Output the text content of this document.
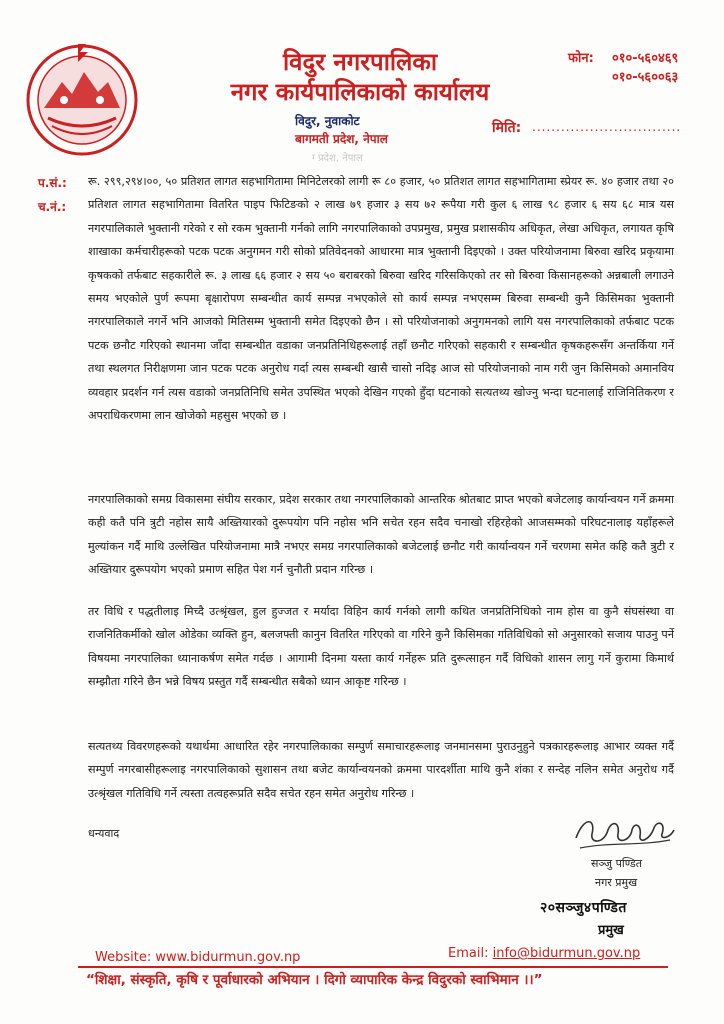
विदुर नगरपालिका
नगर कार्यपालिकाको कार्यालय
विदुर, नुवाकोट
बागमती प्रदेश, नेपाल
ग्‍ प्रदेश, नेपाल
फोन: ०१०-५६०४६९
०१०-५६००६३
मिति: ...............................
प.सं.:
च.नं.:

रू. २९९,२९४।००, ५० प्रतिशत लागत सहभागितामा मिनिटेलरको लागी रू ८० हजार, ५० प्रतिशत लागत सहभागितामा स्प्रेयर रू. ४० हजार तथा २० प्रतिशत लागत सहभागितामा वितरित पाइप फिटिङको २ लाख ७९ हजार ३ सय ७२ रूपैया गरी कुल ६ लाख ९८ हजार ६ सय ६८ मात्र यस नगरपालिकाले भुक्तानी गरेको र सो रकम भुक्तानी गर्नको लागि नगरपालिकाको उपप्रमुख, प्रमुख प्रशासकीय अधिकृत, लेखा अधिकृत, लगायत कृषि शाखाका कर्मचारीहरूको पटक पटक अनुगमन गरी सोको प्रतिवेदनको आधारमा मात्र भुक्तानी दिइएको । उक्त परियोजनामा बिरुवा खरिद प्रकृयामा कृषकको तर्फबाट सहकारीले रू. ३ लाख ६६ हजार २ सय ५० बराबरको बिरुवा खरिद गरिसकिएको तर सो बिरुवा किसानहरूको अन्नबाली लगाउने समय भएकोले पुर्ण रूपमा बृक्षारोपण सम्बन्धीत कार्य सम्पन्न नभएकोले सो कार्य सम्पन्न नभएसम्म बिरुवा सम्बन्धी कुनै किसिमका भुक्तानी नगरपालिकाले नगर्ने भनि आजको मितिसम्म भुक्तानी समेत दिइएको छैन । सो परियोजनाको अनुगमनको लागि यस नगरपालिकाको तर्फबाट पटक पटक छनौट गरिएको स्थानमा जाँदा सम्बन्धीत वडाका जनप्रतिनिधिहरूलाई तहाँ छनौट गरिएको सहकारी र सम्बन्धीत कृषकहरूसँग अन्तर्किया गर्ने तथा स्थलगत निरीक्षणमा जान पटक पटक अनुरोध गर्दा त्यस सम्बन्धी खासै चासो नदिइ आज सो परियोजनाको नाम गरी जुन किसिमको अमानविय व्यवहार प्रदर्शन गर्न त्यस वडाको जनप्रतिनिधि समेत उपस्थित भएको देखिन गएको हुँदा घटनाको सत्यतथ्य खोज्नु भन्दा घटनालाई राजिनितिकरण र अपराधिकरणमा लान खोजेको महसुस भएको छ ।

नगरपालिकाको समग्र विकासमा संघीय सरकार, प्रदेश सरकार तथा नगरपालिकाको आन्तरिक श्रोतबाट प्राप्त भएको बजेटलाइ कार्यान्वयन गर्ने क्रममा कही कतै पनि त्रुटी नहोस सायै अख्तियारको दुरूपयोग पनि नहोस भनि सचेत रहन सदैव चनाखो रहिरहेको आजसम्मको परिघटनालाइ यहाँहरूले मुल्यांकन गर्दै माथि उल्लेखित परियोजनामा मात्रै नभएर समग्र नगरपालिकाको बजेटलाई छनौट गरी कार्यान्वयन गर्ने चरणमा समेत कहि कतै त्रुटी र अख्तियार दुरूपयोग भएको प्रमाण सहित पेश गर्न चुनौती प्रदान गरिन्छ ।

तर विधि र पद्धतीलाइ मिच्दै उत्श्रृंखल, हुल हुज्जत र मर्यादा विहिन कार्य गर्नको लागी कथित जनप्रतिनिधिको नाम होस वा कुनै संघसंस्था वा राजनितिकर्मीको खोल ओडेका व्यक्ति हुन, बलजफ्ती कानुन वितरित गरिएको वा गरिने कुनै किसिमका गतिविधिको सो अनुसारको सजाय पाउनु पर्ने विषयमा नगरपालिका ध्यानाकर्षण समेत गर्दछ । आगामी दिनमा यस्ता कार्य गर्नेहरू प्रति दुरूत्साहन गर्दै विधिको शासन लागु गर्ने कुरामा किमार्थ सम्झौता गरिने छैन भन्ने विषय प्रस्तुत गर्दै सम्बन्धीत सबैको ध्यान आकृष्ट गरिन्छ ।

सत्यतथ्य विवरणहरूको यथार्थमा आधारित रहेर नगरपालिकाका सम्पुर्ण समाचारहरूलाइ जनमानसमा पुराउनुहुने पत्रकारहरूलाइ आभार व्यक्त गर्दै सम्पुर्ण नगरबासीहरूलाइ नगरपालिकाको सुशासन तथा बजेट कार्यान्वयनको क्रममा पारदर्शीता माथि कुनै शंका र सन्देह नलिन समेत अनुरोध गर्दै उत्श्रृंखल गतिविधि गर्ने त्यस्ता तत्वहरूप्रति सदैव सचेत रहन समेत अनुरोध गरिन्छ ।

धन्यवाद
सञ्जु पण्डित
नगर प्रमुख
२०सञ्जु४पण्डित
प्रमुख
Website: www.bidurmun.gov.np	Email: info@bidurmun.gov.np
“शिक्षा, संस्कृति, कृषि र पूर्वाधारको अभियान । दिगो व्यापारिक केन्द्र विदुरको स्वाभिमान ।।”
